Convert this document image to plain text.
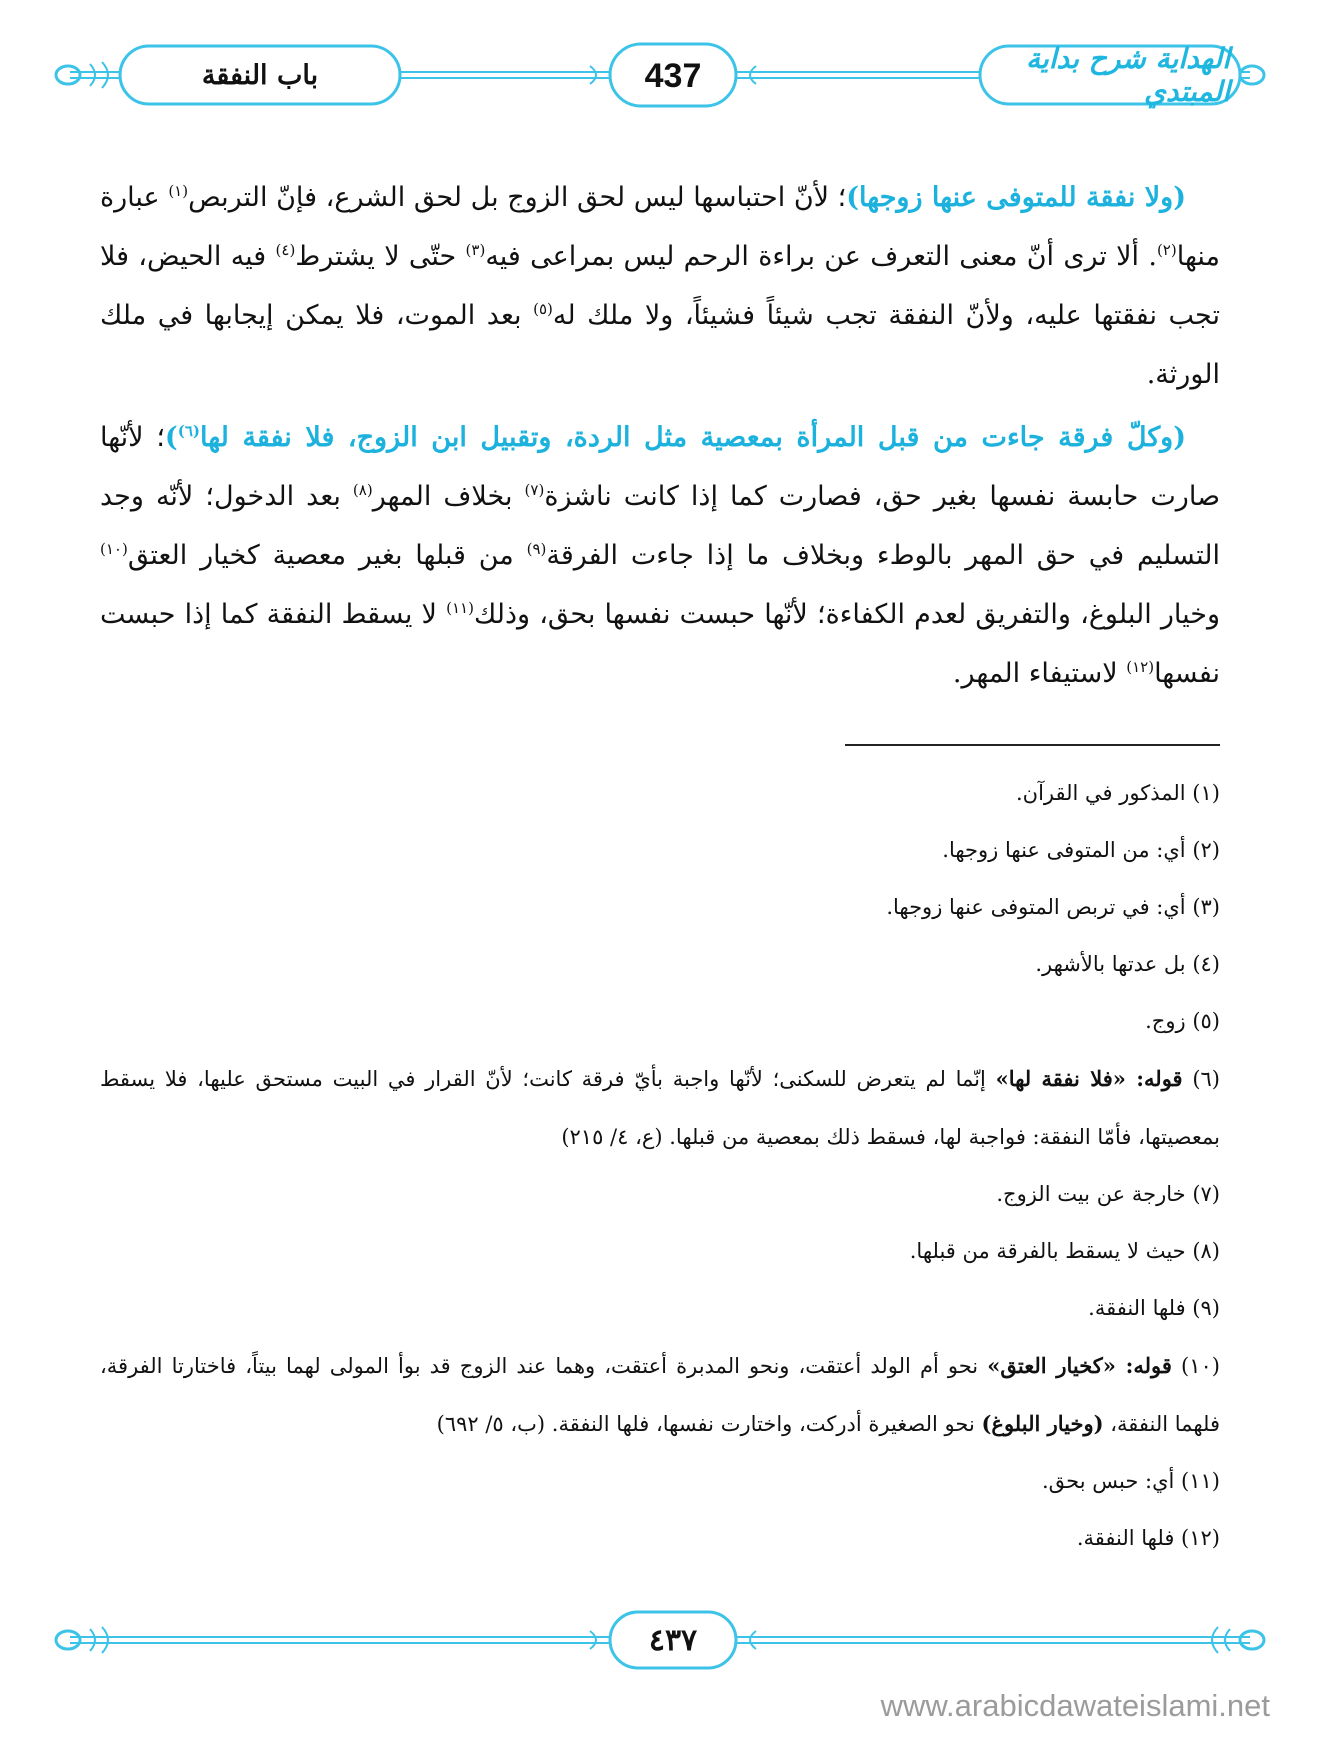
الهداية شرح بداية المبتدي
437
باب النفقة

(ولا نفقة للمتوفى عنها زوجها)؛ لأنّ احتباسها ليس لحق الزوج بل لحق الشرع، فإنّ التربص$^{(١)}$ عبارة منها$^{(٢)}$. ألا ترى أنّ معنى التعرف عن براءة الرحم ليس بمراعى فيه$^{(٣)}$ حتّى لا يشترط$^{(٤)}$ فيه الحيض، فلا تجب نفقتها عليه، ولأنّ النفقة تجب شيئاً فشيئاً، ولا ملك له$^{(٥)}$ بعد الموت، فلا يمكن إيجابها في ملك الورثة.

(وكلّ فرقة جاءت من قبل المرأة بمعصية مثل الردة، وتقبيل ابن الزوج، فلا نفقة لها$^{(٦)}$)؛ لأنّها صارت حابسة نفسها بغير حق، فصارت كما إذا كانت ناشزة$^{(٧)}$ بخلاف المهر$^{(٨)}$ بعد الدخول؛ لأنّه وجد التسليم في حق المهر بالوطء وبخلاف ما إذا جاءت الفرقة$^{(٩)}$ من قبلها بغير معصية كخيار العتق$^{(١٠)}$ وخيار البلوغ، والتفريق لعدم الكفاءة؛ لأنّها حبست نفسها بحق، وذلك$^{(١١)}$ لا يسقط النفقة كما إذا حبست نفسها$^{(١٢)}$ لاستيفاء المهر.

(١) المذكور في القرآن.
(٢) أي: من المتوفى عنها زوجها.
(٣) أي: في تربص المتوفى عنها زوجها.
(٤) بل عدتها بالأشهر.
(٥) زوج.
(٦) قوله: «فلا نفقة لها» إنّما لم يتعرض للسكنى؛ لأنّها واجبة بأيّ فرقة كانت؛ لأنّ القرار في البيت مستحق عليها، فلا يسقط بمعصيتها، فأمّا النفقة: فواجبة لها، فسقط ذلك بمعصية من قبلها. (ع، ٤/ ٢١٥)
(٧) خارجة عن بيت الزوج.
(٨) حيث لا يسقط بالفرقة من قبلها.
(٩) فلها النفقة.
(١٠) قوله: «كخيار العتق» نحو أم الولد أعتقت، ونحو المدبرة أعتقت، وهما عند الزوج قد بوأ المولى لهما بيتاً، فاختارتا الفرقة، فلهما النفقة، (وخيار البلوغ) نحو الصغيرة أدركت، واختارت نفسها، فلها النفقة. (ب، ٥/ ٦٩٢)
(١١) أي: حبس بحق.
(١٢) فلها النفقة.
٤٣٧
www.arabicdawateislami.net
